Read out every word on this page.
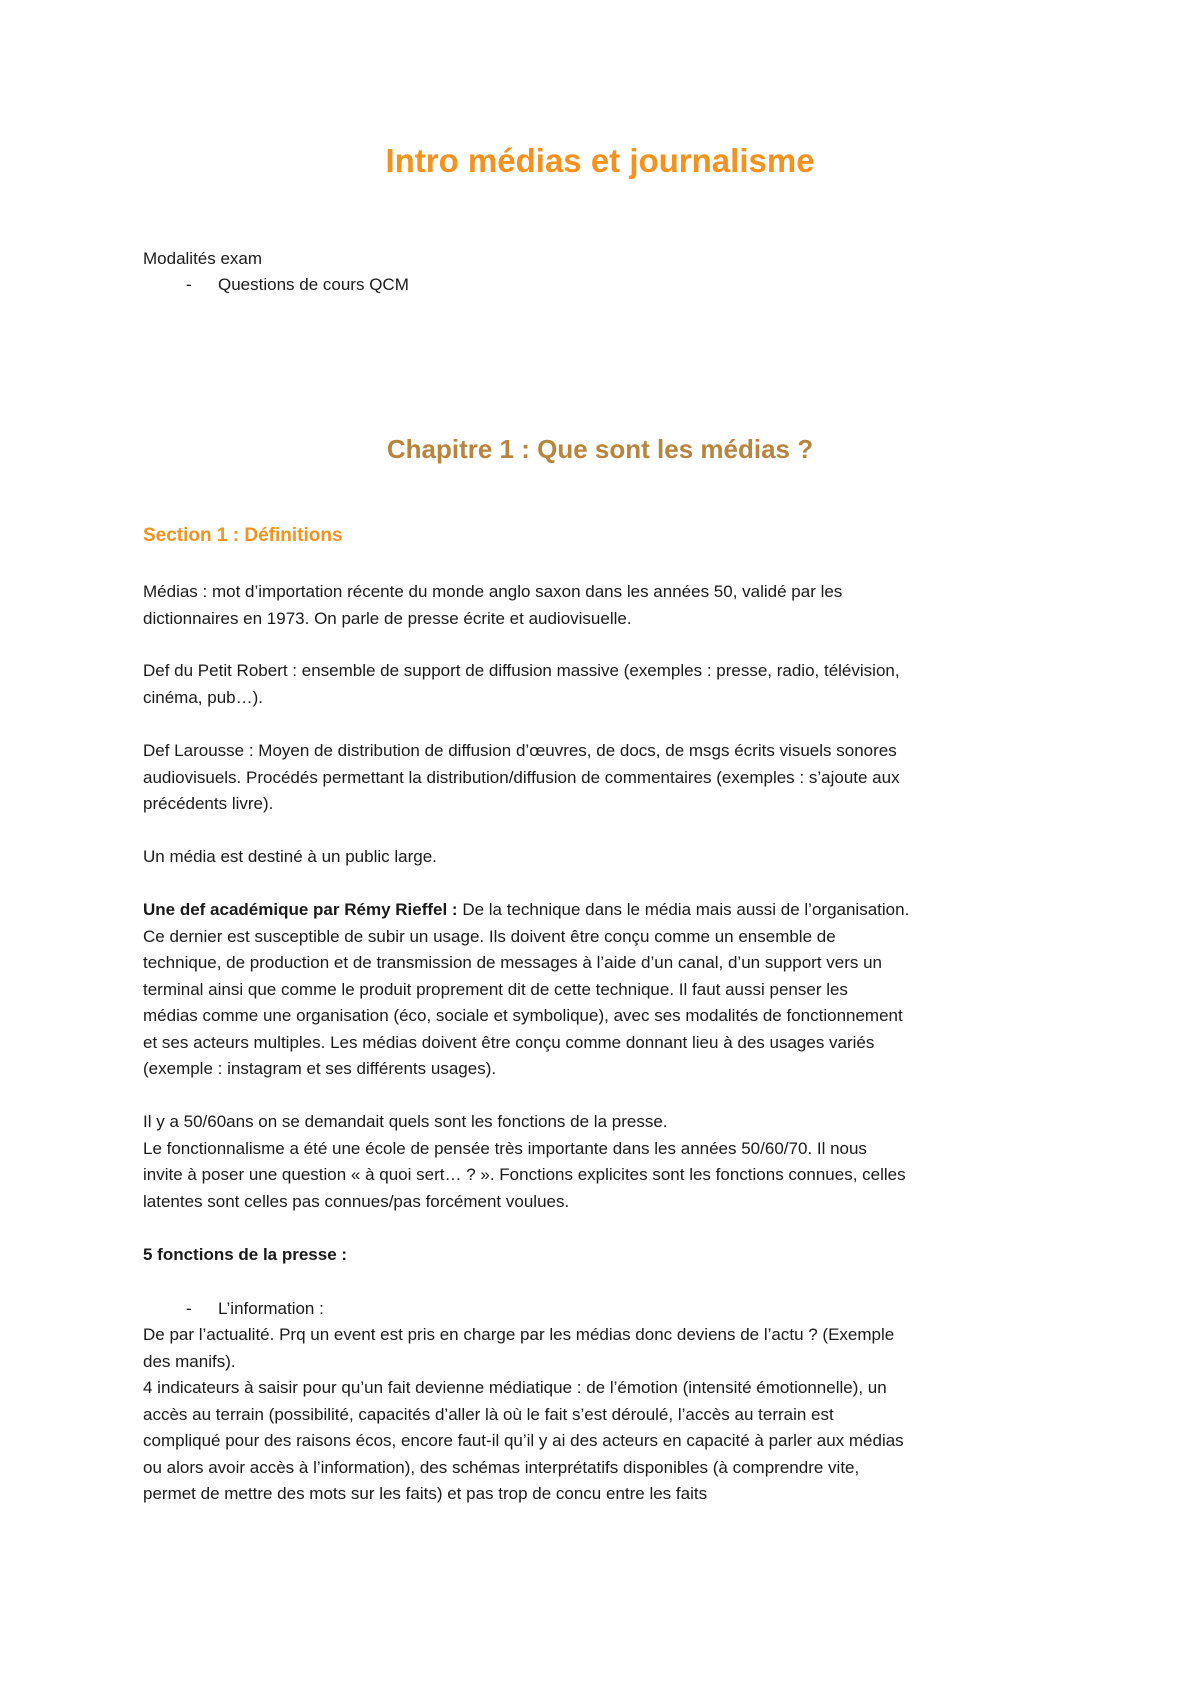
Intro médias et journalisme

Modalités exam

- Questions de cours QCM
Chapitre 1 : Que sont les médias ?
Section 1 : Définitions
Médias : mot d’importation récente du monde anglo saxon dans les années 50, validé par les
dictionnaires en 1973. On parle de presse écrite et audiovisuelle.
Def du Petit Robert : ensemble de support de diffusion massive (exemples : presse, radio, télévision,
cinéma, pub…).
Def Larousse : Moyen de distribution de diffusion d’œuvres, de docs, de msgs écrits visuels sonores
audiovisuels. Procédés permettant la distribution/diffusion de commentaires (exemples : s’ajoute aux
précédents livre).

Un média est destiné à un public large.

Une def académique par Rémy Rieffel : De la technique dans le média mais aussi de l’organisation.
Ce dernier est susceptible de subir un usage. Ils doivent être conçu comme un ensemble de
technique, de production et de transmission de messages à l’aide d’un canal, d’un support vers un
terminal ainsi que comme le produit proprement dit de cette technique. Il faut aussi penser les
médias comme une organisation (éco, sociale et symbolique), avec ses modalités de fonctionnement
et ses acteurs multiples. Les médias doivent être conçu comme donnant lieu à des usages variés
(exemple : instagram et ses différents usages).
Il y a 50/60ans on se demandait quels sont les fonctions de la presse.
Le fonctionnalisme a été une école de pensée très importante dans les années 50/60/70. Il nous
invite à poser une question « à quoi sert… ? ». Fonctions explicites sont les fonctions connues, celles
latentes sont celles pas connues/pas forcément voulues.

5 fonctions de la presse :

- L’information :
De par l’actualité. Prq un event est pris en charge par les médias donc deviens de l’actu ? (Exemple
des manifs).
4 indicateurs à saisir pour qu’un fait devienne médiatique : de l’émotion (intensité émotionnelle), un
accès au terrain (possibilité, capacités d’aller là où le fait s’est déroulé, l’accès au terrain est
compliqué pour des raisons écos, encore faut-il qu’il y ai des acteurs en capacité à parler aux médias
ou alors avoir accès à l’information), des schémas interprétatifs disponibles (à comprendre vite,
permet de mettre des mots sur les faits) et pas trop de concu entre les faits
